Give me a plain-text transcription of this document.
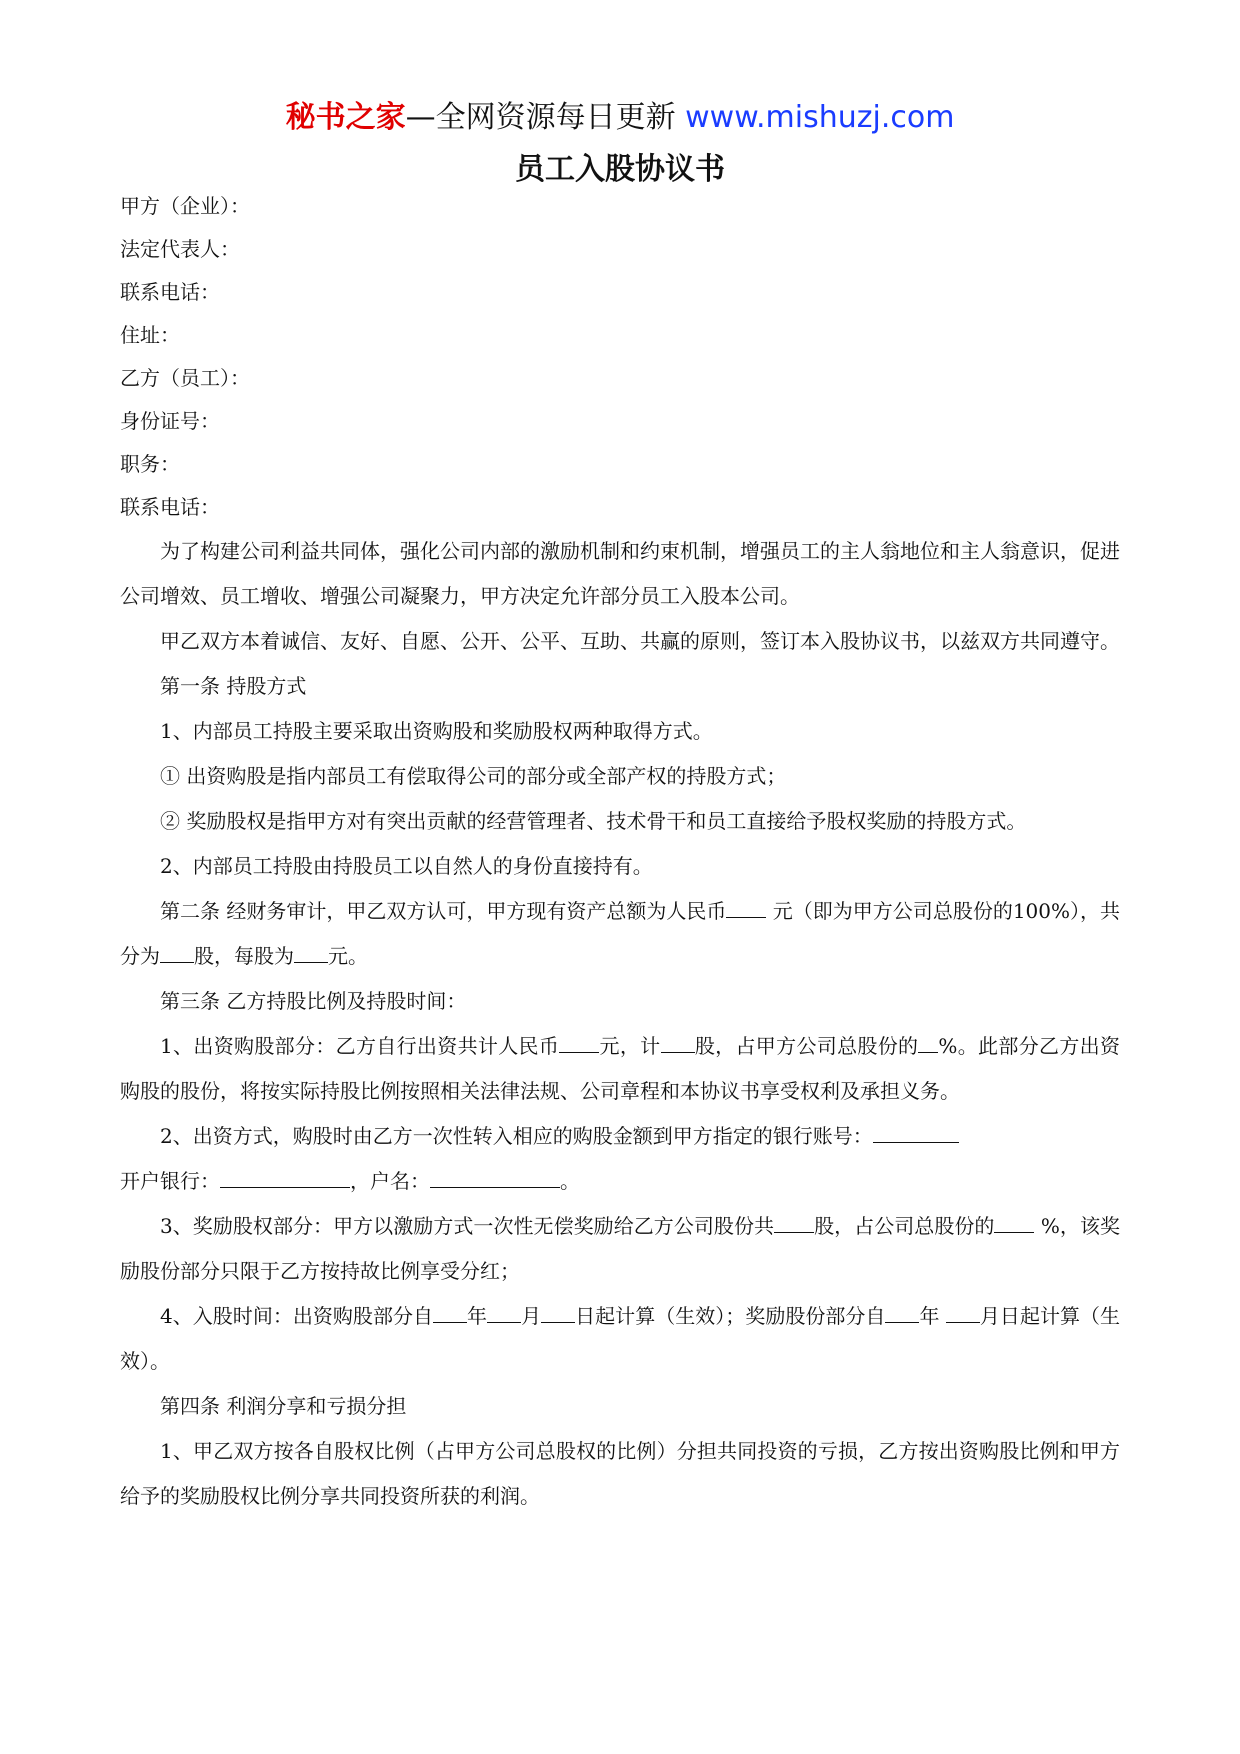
秘书之家—全网资源每日更新 www.mishuzj.com
员工入股协议书
甲方（企业）：
法定代表人：
联系电话：
住址：
乙方（员工）：
身份证号：
职务：
联系电话：
为了构建公司利益共同体，强化公司内部的激励机制和约束机制，增强员工的主人翁地位和主人翁意识，促进公司增效、员工增收、增强公司凝聚力，甲方决定允许部分员工入股本公司。
甲乙双方本着诚信、友好、自愿、公开、公平、互助、共赢的原则，签订本入股协议书，以兹双方共同遵守。
第一条 持股方式
1、内部员工持股主要采取出资购股和奖励股权两种取得方式。
① 出资购股是指内部员工有偿取得公司的部分或全部产权的持股方式；
② 奖励股权是指甲方对有突出贡献的经营管理者、技术骨干和员工直接给予股权奖励的持股方式。
2、内部员工持股由持股员工以自然人的身份直接持有。
第二条 经财务审计，甲乙双方认可，甲方现有资产总额为人民币 元（即为甲方公司总股份的100%），共分为 股，每股为 元。
第三条 乙方持股比例及持股时间：
1、出资购股部分：乙方自行出资共计人民币 元，计 股，占甲方公司总股份的 %。此部分乙方出资购股的股份，将按实际持股比例按照相关法律法规、公司章程和本协议书享受权利及承担义务。
2、出资方式，购股时由乙方一次性转入相应的购股金额到甲方指定的银行账号：
开户银行：	，户名：	。
3、奖励股权部分：甲方以激励方式一次性无偿奖励给乙方公司股份共 股，占公司总股份的 %，该奖励股份部分只限于乙方按持故比例享受分红；
4、入股时间：出资购股部分自 年 月 日起计算（生效）；奖励股份部分自 年 月日起计算（生效）。
第四条 利润分享和亏损分担
1、甲乙双方按各自股权比例（占甲方公司总股权的比例）分担共同投资的亏损，乙方按出资购股比例和甲方给予的奖励股权比例分享共同投资所获的利润。
